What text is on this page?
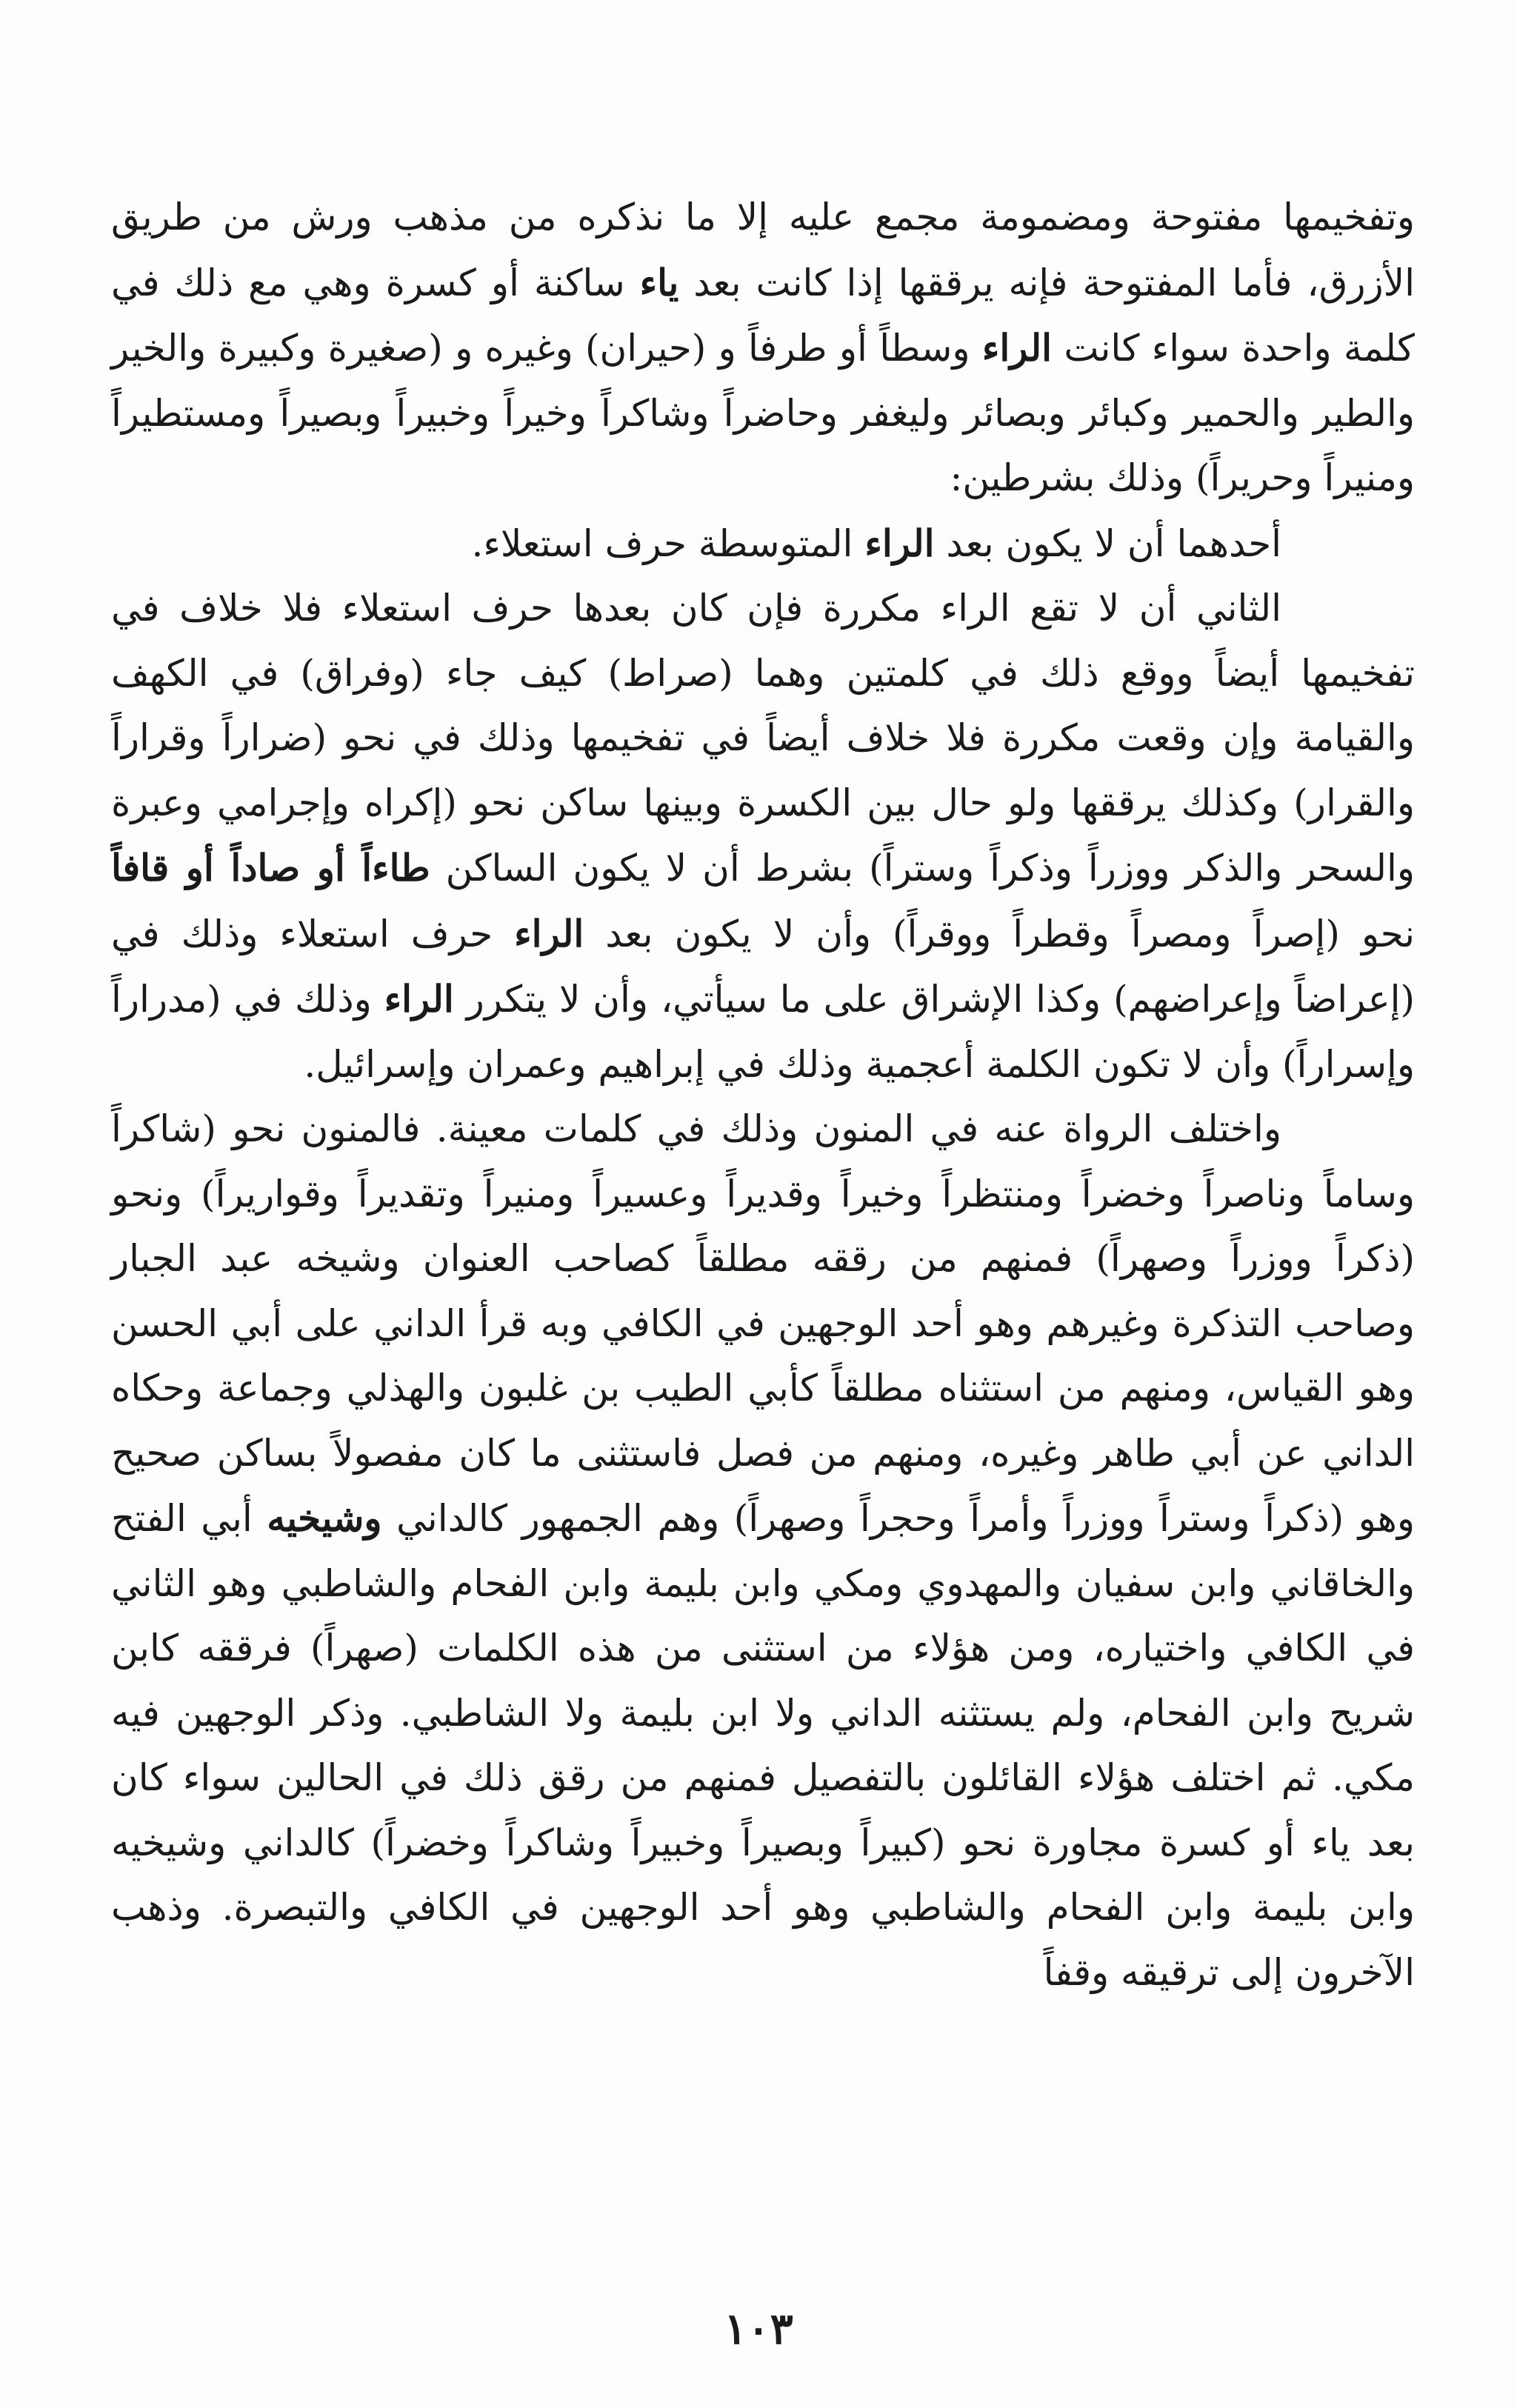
وتفخيمها مفتوحة ومضمومة مجمع عليه إلا ما نذكره من مذهب ورش من طريق الأزرق، فأما المفتوحة فإنه يرققها إذا كانت بعد ياء ساكنة أو كسرة وهي مع ذلك في كلمة واحدة سواء كانت الراء وسطاً أو طرفاً و (حيران) وغيره و (صغيرة وكبيرة والخير والطير والحمير وكبائر وبصائر وليغفر وحاضراً وشاكراً وخيراً وخبيراً وبصيراً ومستطيراً ومنيراً وحريراً) وذلك بشرطين:

أحدهما أن لا يكون بعد الراء المتوسطة حرف استعلاء.

الثاني أن لا تقع الراء مكررة فإن كان بعدها حرف استعلاء فلا خلاف في تفخيمها أيضاً ووقع ذلك في كلمتين وهما (صراط) كيف جاء (وفراق) في الكهف والقيامة وإن وقعت مكررة فلا خلاف أيضاً في تفخيمها وذلك في نحو (ضراراً وقراراً والقرار) وكذلك يرققها ولو حال بين الكسرة وبينها ساكن نحو (إكراه وإجرامي وعبرة والسحر والذكر ووزراً وذكراً وستراً) بشرط أن لا يكون الساكن طاءاً أو صاداً أو قافاً نحو (إصراً ومصراً وقطراً ووقراً) وأن لا يكون بعد الراء حرف استعلاء وذلك في (إعراضاً وإعراضهم) وكذا الإشراق على ما سيأتي، وأن لا يتكرر الراء وذلك في (مدراراً وإسراراً) وأن لا تكون الكلمة أعجمية وذلك في إبراهيم وعمران وإسرائيل.

واختلف الرواة عنه في المنون وذلك في كلمات معينة. فالمنون نحو (شاكراً وساماً وناصراً وخضراً ومنتظراً وخيراً وقديراً وعسيراً ومنيراً وتقديراً وقواريراً) ونحو (ذكراً ووزراً وصهراً) فمنهم من رققه مطلقاً كصاحب العنوان وشيخه عبد الجبار وصاحب التذكرة وغيرهم وهو أحد الوجهين في الكافي وبه قرأ الداني على أبي الحسن وهو القياس، ومنهم من استثناه مطلقاً كأبي الطيب بن غلبون والهذلي وجماعة وحكاه الداني عن أبي طاهر وغيره، ومنهم من فصل فاستثنى ما كان مفصولاً بساكن صحيح وهو (ذكراً وستراً ووزراً وأمراً وحجراً وصهراً) وهم الجمهور كالداني وشيخيه أبي الفتح والخاقاني وابن سفيان والمهدوي ومكي وابن بليمة وابن الفحام والشاطبي وهو الثاني في الكافي واختياره، ومن هؤلاء من استثنى من هذه الكلمات (صهراً) فرققه كابن شريح وابن الفحام، ولم يستثنه الداني ولا ابن بليمة ولا الشاطبي. وذكر الوجهين فيه مكي. ثم اختلف هؤلاء القائلون بالتفصيل فمنهم من رقق ذلك في الحالين سواء كان بعد ياء أو كسرة مجاورة نحو (كبيراً وبصيراً وخبيراً وشاكراً وخضراً) كالداني وشيخيه وابن بليمة وابن الفحام والشاطبي وهو أحد الوجهين في الكافي والتبصرة. وذهب الآخرون إلى ترقيقه وقفاً

١٠٣
